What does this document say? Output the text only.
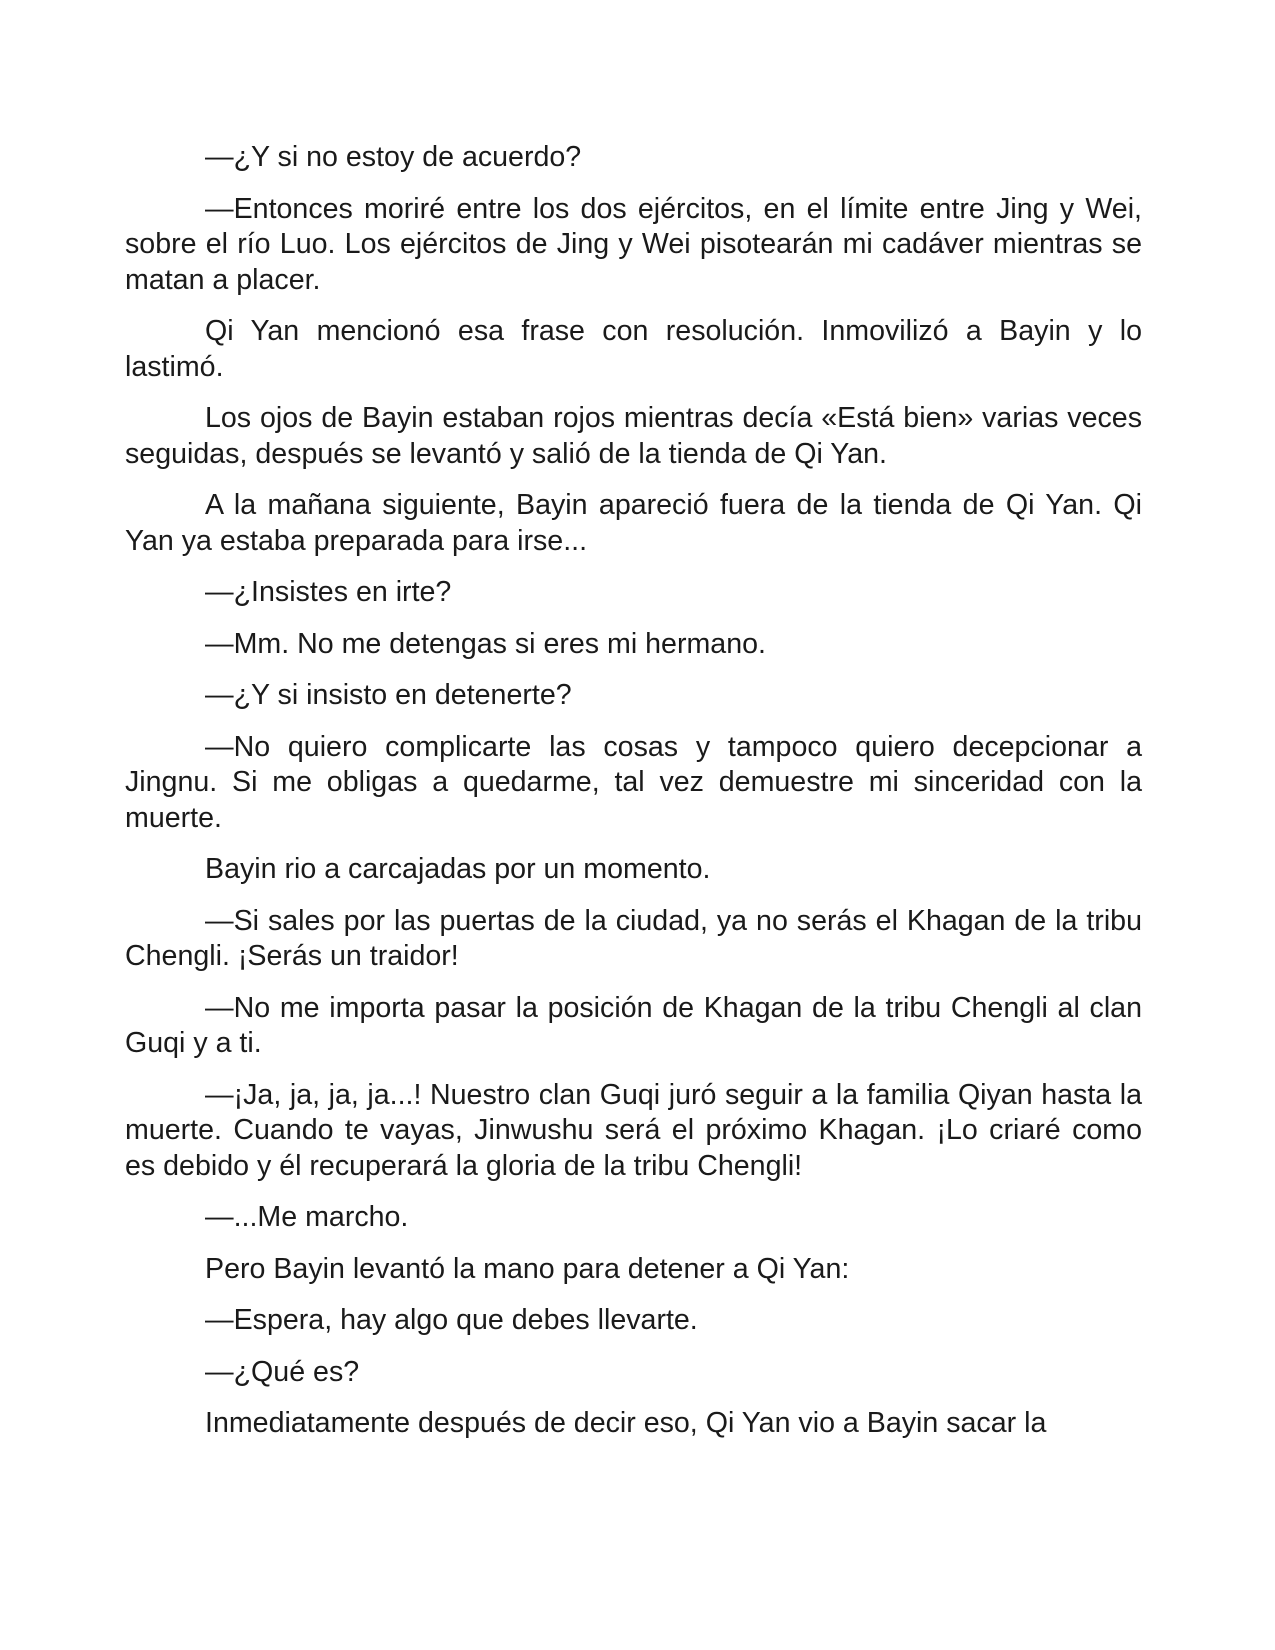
—¿Y si no estoy de acuerdo?

—Entonces moriré entre los dos ejércitos, en el límite entre Jing y Wei, sobre el río Luo. Los ejércitos de Jing y Wei pisotearán mi cadáver mientras se matan a placer.

Qi Yan mencionó esa frase con resolución. Inmovilizó a Bayin y lo lastimó.

Los ojos de Bayin estaban rojos mientras decía «Está bien» varias veces seguidas, después se levantó y salió de la tienda de Qi Yan.

A la mañana siguiente, Bayin apareció fuera de la tienda de Qi Yan. Qi Yan ya estaba preparada para irse...

—¿Insistes en irte?

—Mm. No me detengas si eres mi hermano.

—¿Y si insisto en detenerte?

—No quiero complicarte las cosas y tampoco quiero decepcionar a Jingnu. Si me obligas a quedarme, tal vez demuestre mi sinceridad con la muerte.

Bayin rio a carcajadas por un momento.

—Si sales por las puertas de la ciudad, ya no serás el Khagan de la tribu Chengli. ¡Serás un traidor!

—No me importa pasar la posición de Khagan de la tribu Chengli al clan Guqi y a ti.

—¡Ja, ja, ja, ja...! Nuestro clan Guqi juró seguir a la familia Qiyan hasta la muerte. Cuando te vayas, Jinwushu será el próximo Khagan. ¡Lo criaré como es debido y él recuperará la gloria de la tribu Chengli!

—...Me marcho.

Pero Bayin levantó la mano para detener a Qi Yan:

—Espera, hay algo que debes llevarte.

—¿Qué es?

Inmediatamente después de decir eso, Qi Yan vio a Bayin sacar la
